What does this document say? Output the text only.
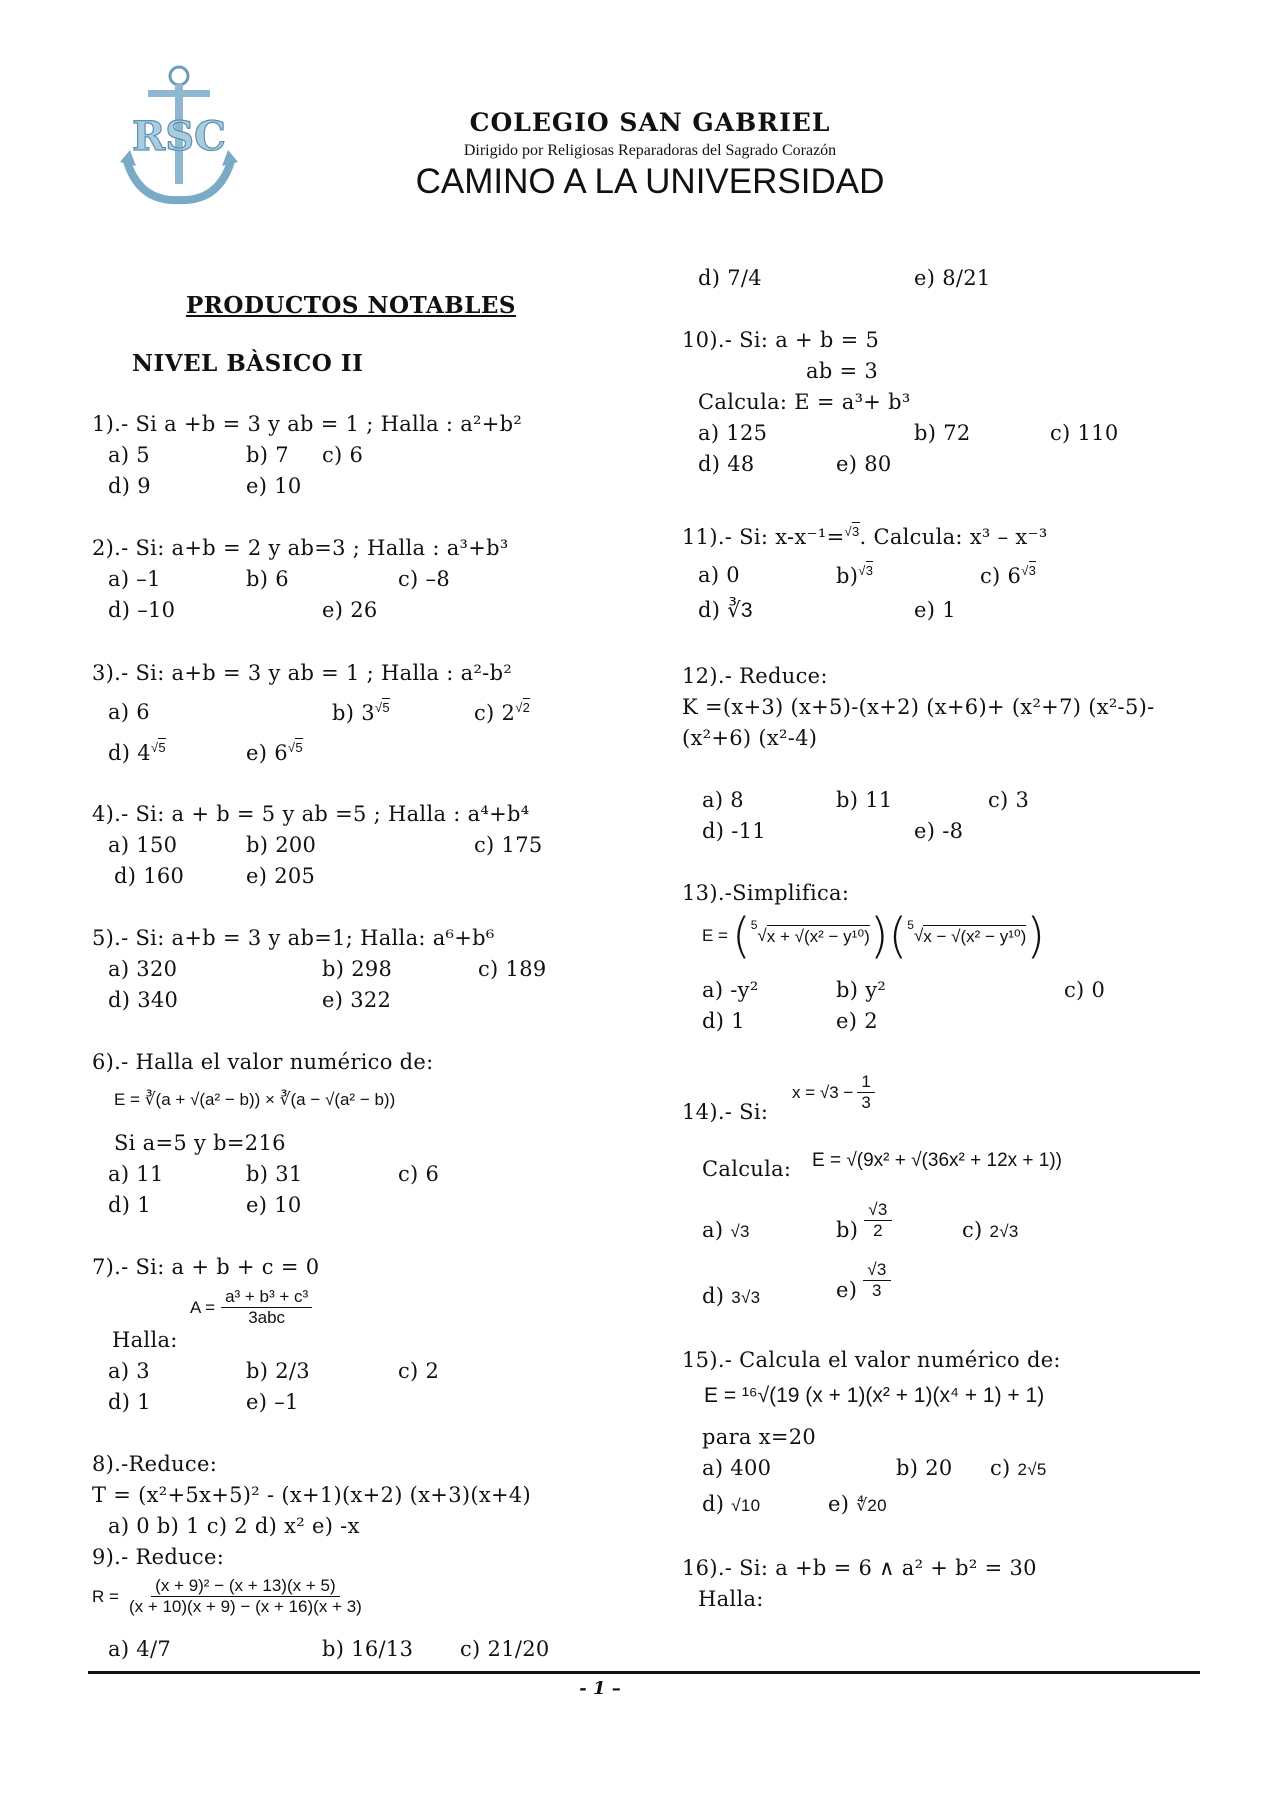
RSC	COLEGIO SAN GABRIEL
Dirigido por Religiosas Reparadoras del Sagrado Corazón
CAMINO A LA UNIVERSIDAD
PRODUCTOS NOTABLES
NIVEL BÀSICO II
1).- Si a +b = 3 y ab = 1 ; Halla : a²+b²
a) 5	b) 7 c) 6
d) 9	e) 10
2).- Si: a+b = 2 y ab=3 ; Halla : a³+b³
a) –1	b) 6	c) –8
d) –10	e) 26
3).- Si: a+b = 3 y ab = 1 ; Halla : a²-b²
a) 6	b) $3^{√5}$	c) $2^{√2}$
d) $4^{√5}$	e) $6^{√5}$
4).- Si: a + b = 5 y ab =5 ; Halla : a⁴+b⁴
a) 150	b) 200	c) 175
d) 160	e) 205
5).- Si: a+b = 3 y ab=1; Halla: a⁶+b⁶
a) 320	b) 298	c) 189
d) 340	e) 322
6).- Halla el valor numérico de:
E = ∛(a + √(a² − b)) × ∛(a − √(a² − b))
Si a=5 y b=216
a) 11	b) 31	c) 6
d) 1	e) 10
7).- Si: a + b + c = 0
$A = \frac{\text{a³ + b³ + c³}}{\text{3abc}}$
Halla:
a) 3	b) 2/3	c) 2
d) 1	e) –1
8).-Reduce:
T = (x²+5x+5)² - (x+1)(x+2) (x+3)(x+4)
a) 0 b) 1 c) 2 d) x² e) -x
9).- Reduce:
$R = \frac{\text{(x + 9)² − (x + 13)(x + 5)}}{(x + 10)(x + 9) - (x + 16)(x + 3)}$
a) 4/7	b) 16/13 c) 21/20
d) 7/4	e) 8/21
10).- Si: a + b = 5
ab = 3
Calcula: E = a³+ b³
a) 125	b) 72	c) 110
d) 48	e) 80
11).- Si: x-x⁻¹=$^{√3}$. Calcula: x³ – x⁻³
a) 0	b)$^{√3}$	c) $6^{√3}$
d) ∛3	e) 1
12).- Reduce:
K =(x+3) (x+5)-(x+2) (x+6)+ (x²+7) (x²-5)-
(x²+6) (x²-4)
a) 8	b) 11	c) 3
d) -11	e) -8
13).-Simplifica:
E = ($^5$
√ x + √(x² − y¹⁰) )($^5$
√ x − √(x² − y¹⁰) )
a) -y²	b) y²	c) 0
d) 1	e) 2
$x = √3 - \frac{1}{3}$
14).- Si:
Calcula: E = √(9x² + √(36x² + 12x + 1))
a) √3	$b) \frac{√3}{2}$	c) 2√3
d) 3√3	$e) \frac{√3}{3}$
15).- Calcula el valor numérico de:
E = ¹⁶√(19 (x + 1)(x² + 1)(x⁴ + 1) + 1)
para x=20
a) 400	b) 20 c) 2√5
d) √10	e) ∜20
16).- Si: a +b = 6 ∧ a² + b² = 30
Halla:
- 1 –
